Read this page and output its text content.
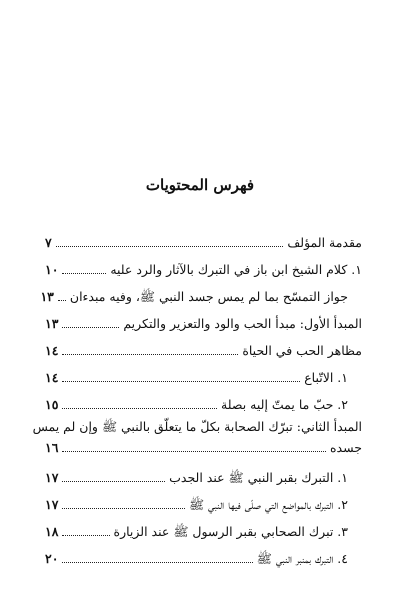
فهرس المحتويات
مقدمة المؤلف
٧
١. كلام الشيخ ابن باز في التبرك بالآثار والرد عليه
١٠
جواز التمسّح بما لم يمس جسد النبي ﷺ، وفيه مبدءان
١٣
المبدأ الأول: مبدأ الحب والود والتعزير والتكريم
١٣
مظاهر الحب في الحياة
١٤
١. الاتّباع
١٤
٢. حبّ ما يمتّ إليه بصلة
١٥
المبدأ الثاني: تبرّك الصحابة بكلّ ما يتعلّق بالنبي ﷺ وإن لم يمس
جسده
١٦
١. التبرك بقبر النبي ﷺ عند الجدب
١٧
٢. التبرك بالمواضع التي صلّى فيها النبي ﷺ
١٧
٣. تبرك الصحابي بقبر الرسول ﷺ عند الزيارة
١٨
٤. التبرك بمنبر النبي ﷺ
٢٠
